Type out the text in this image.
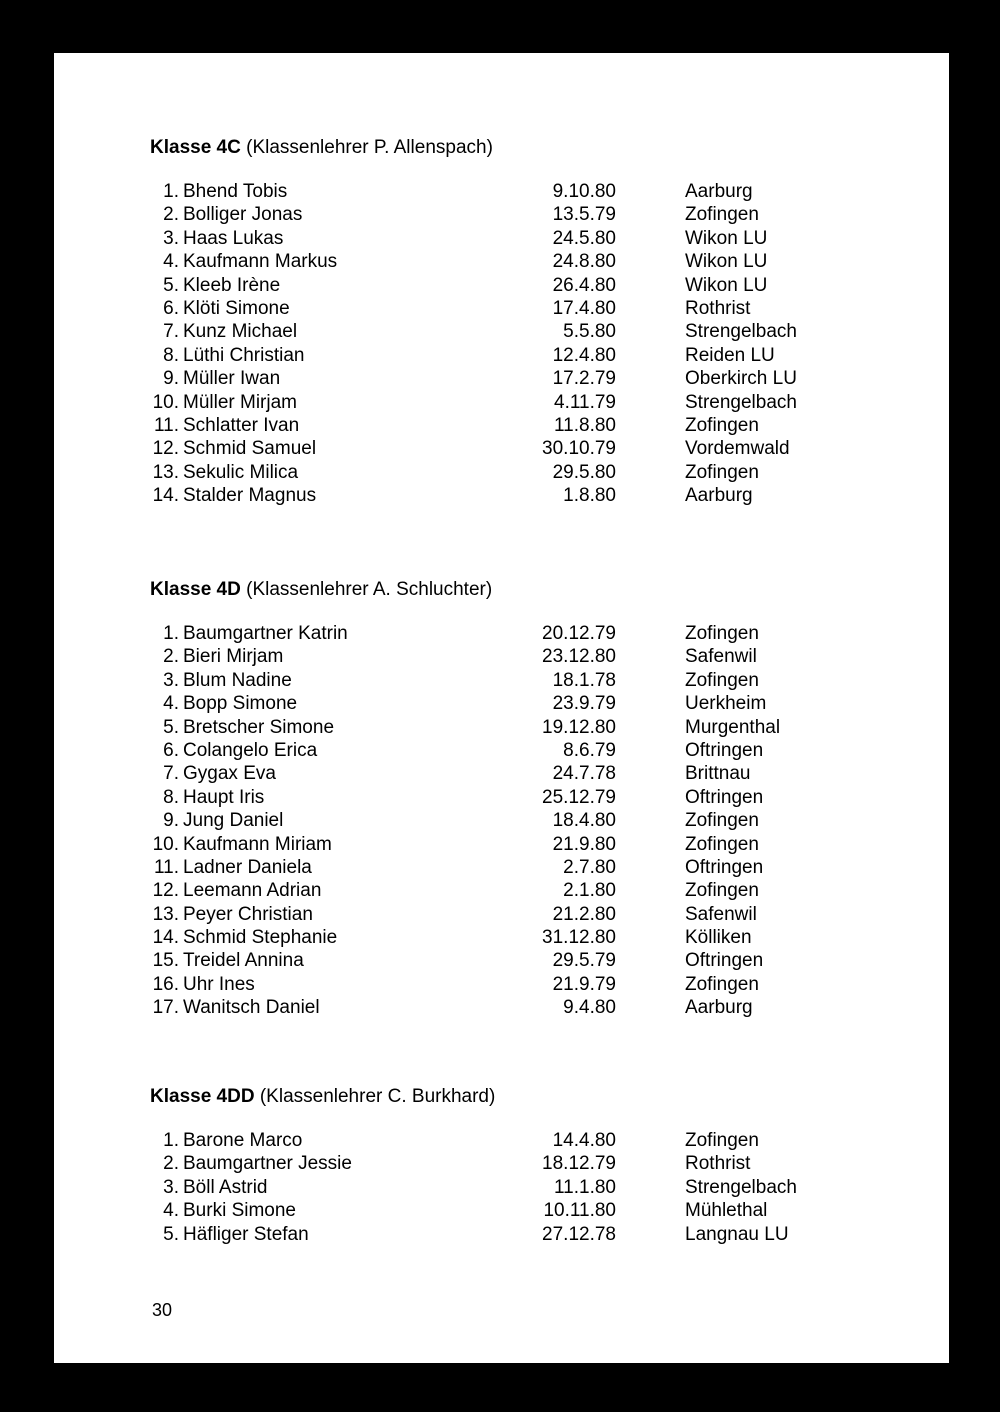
Klasse 4C (Klassenlehrer P. Allenspach)
1. Bhend Tobis	9.10.80	Aarburg
2. Bolliger Jonas	13.5.79	Zofingen
3. Haas Lukas	24.5.80	Wikon LU
4. Kaufmann Markus	24.8.80	Wikon LU
5. Kleeb Irène	26.4.80	Wikon LU
6. Klöti Simone	17.4.80	Rothrist
7. Kunz Michael	5.5.80	Strengelbach
8. Lüthi Christian	12.4.80	Reiden LU
9. Müller Iwan	17.2.79	Oberkirch LU
10. Müller Mirjam	4.11.79	Strengelbach
11. Schlatter Ivan	11.8.80	Zofingen
12. Schmid Samuel	30.10.79	Vordemwald
13. Sekulic Milica	29.5.80	Zofingen
14. Stalder Magnus	1.8.80	Aarburg
Klasse 4D (Klassenlehrer A. Schluchter)
1. Baumgartner Katrin	20.12.79	Zofingen
2. Bieri Mirjam	23.12.80	Safenwil
3. Blum Nadine	18.1.78	Zofingen
4. Bopp Simone	23.9.79	Uerkheim
5. Bretscher Simone	19.12.80	Murgenthal
6. Colangelo Erica	8.6.79	Oftringen
7. Gygax Eva	24.7.78	Brittnau
8. Haupt Iris	25.12.79	Oftringen
9. Jung Daniel	18.4.80	Zofingen
10. Kaufmann Miriam	21.9.80	Zofingen
11. Ladner Daniela	2.7.80	Oftringen
12. Leemann Adrian	2.1.80	Zofingen
13. Peyer Christian	21.2.80	Safenwil
14. Schmid Stephanie	31.12.80	Kölliken
15. Treidel Annina	29.5.79	Oftringen
16. Uhr Ines	21.9.79	Zofingen
17. Wanitsch Daniel	9.4.80	Aarburg
Klasse 4DD (Klassenlehrer C. Burkhard)
1. Barone Marco	14.4.80	Zofingen
2. Baumgartner Jessie	18.12.79	Rothrist
3. Böll Astrid	11.1.80	Strengelbach
4. Burki Simone	10.11.80	Mühlethal
5. Häfliger Stefan	27.12.78	Langnau LU
30
